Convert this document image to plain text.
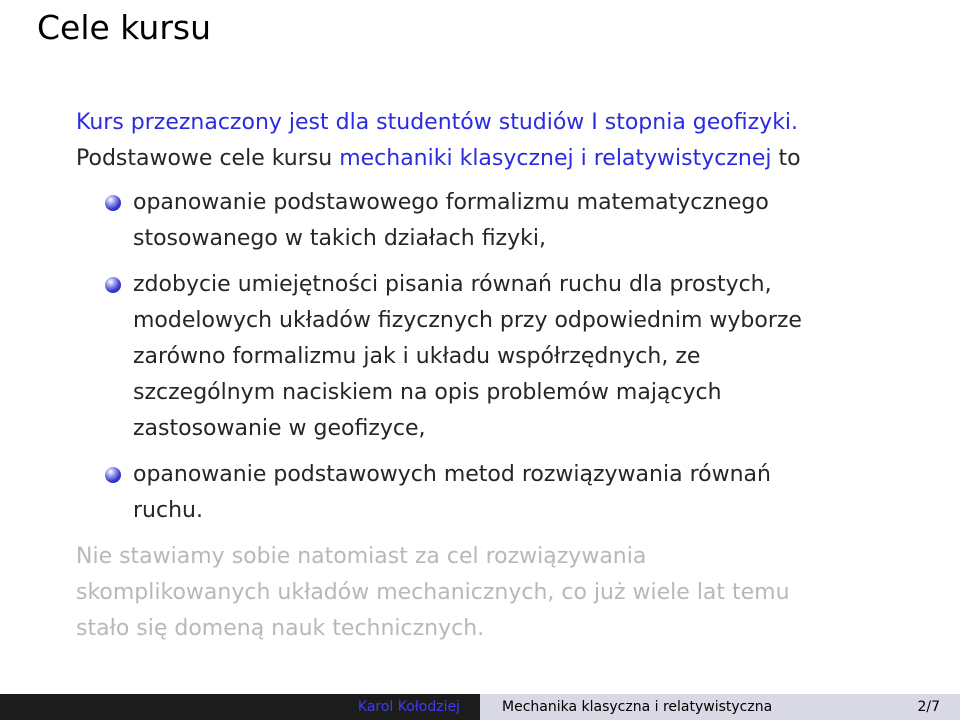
Cele kursu

Kurs przeznaczony jest dla studentów studiów I stopnia geofizyki.
Podstawowe cele kursu mechaniki klasycznej i relatywistycznej to

opanowanie podstawowego formalizmu matematycznego
stosowanego w takich działach fizyki,
zdobycie umiejętności pisania równań ruchu dla prostych,
modelowych układów fizycznych przy odpowiednim wyborze
zarówno formalizmu jak i układu współrzędnych, ze
szczególnym naciskiem na opis problemów mających
zastosowanie w geofizyce,
opanowanie podstawowych metod rozwiązywania równań
ruchu.

Nie stawiamy sobie natomiast za cel rozwiązywania
skomplikowanych układów mechanicznych, co już wiele lat temu
stało się domeną nauk technicznych.

Karol Kołodziej	Mechanika klasyczna i relatywistyczna	2/7
